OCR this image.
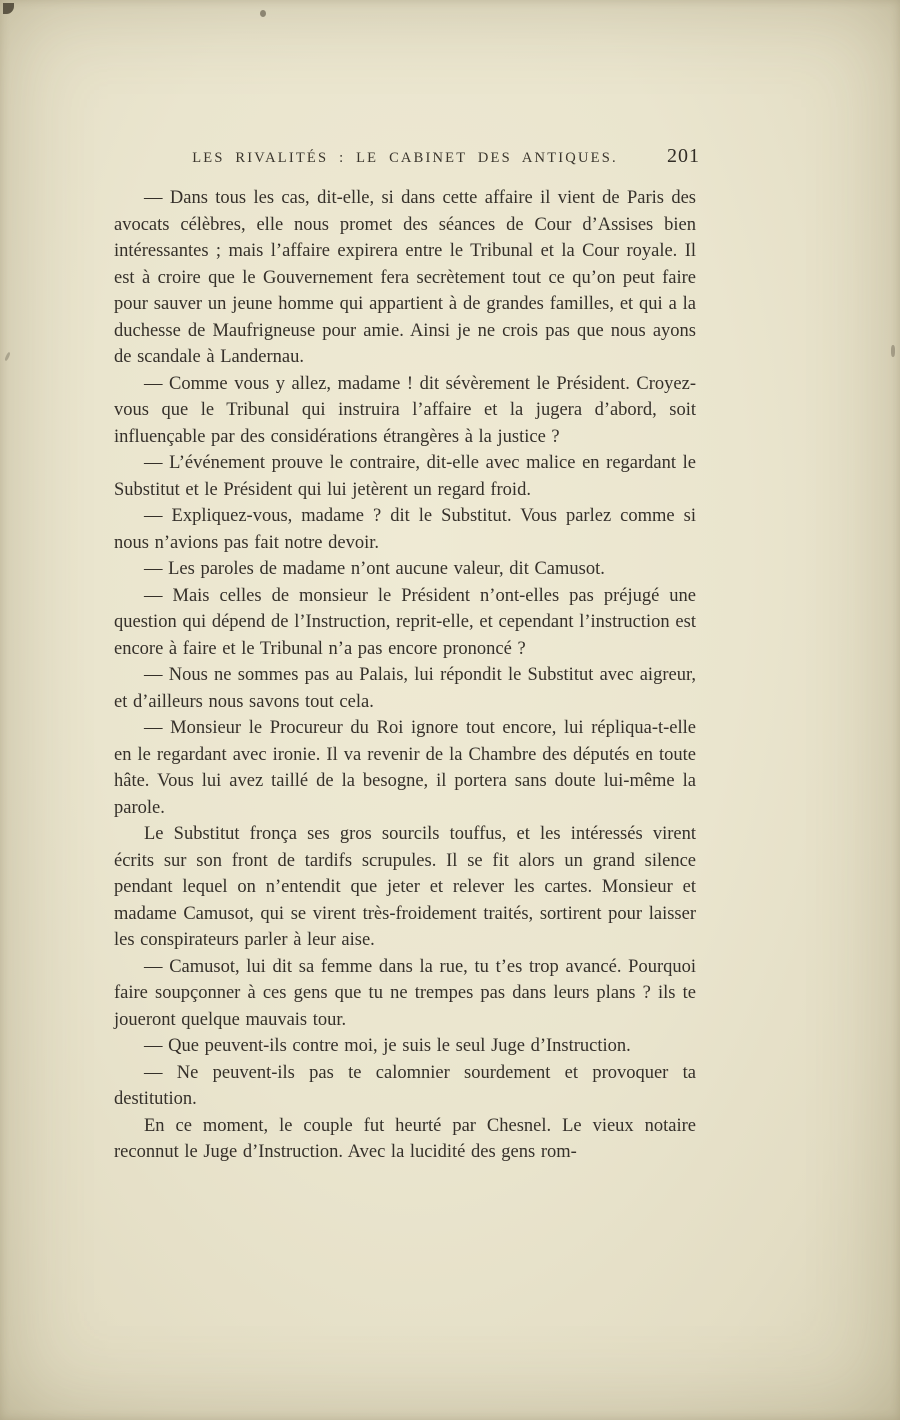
LES RIVALITÉS : LE CABINET DES ANTIQUES.	201

— Dans tous les cas, dit-elle, si dans cette affaire il vient de Paris des avocats célèbres, elle nous promet des séances de Cour d’Assises bien intéressantes ; mais l’affaire expirera entre le Tribunal et la Cour royale. Il est à croire que le Gouvernement fera secrètement tout ce qu’on peut faire pour sauver un jeune homme qui appartient à de grandes familles, et qui a la duchesse de Maufrigneuse pour amie. Ainsi je ne crois pas que nous ayons de scandale à Landernau.

— Comme vous y allez, madame ! dit sévèrement le Président. Croyez-vous que le Tribunal qui instruira l’affaire et la jugera d’abord, soit influençable par des considérations étrangères à la justice ?

— L’événement prouve le contraire, dit-elle avec malice en regardant le Substitut et le Président qui lui jetèrent un regard froid.

— Expliquez-vous, madame ? dit le Substitut. Vous parlez comme si nous n’avions pas fait notre devoir.

— Les paroles de madame n’ont aucune valeur, dit Camusot.

— Mais celles de monsieur le Président n’ont-elles pas préjugé une question qui dépend de l’Instruction, reprit-elle, et cependant l’instruction est encore à faire et le Tribunal n’a pas encore prononcé ?

— Nous ne sommes pas au Palais, lui répondit le Substitut avec aigreur, et d’ailleurs nous savons tout cela.

— Monsieur le Procureur du Roi ignore tout encore, lui répliqua-t-elle en le regardant avec ironie. Il va revenir de la Chambre des députés en toute hâte. Vous lui avez taillé de la besogne, il portera sans doute lui-même la parole.

Le Substitut fronça ses gros sourcils touffus, et les intéressés virent écrits sur son front de tardifs scrupules. Il se fit alors un grand silence pendant lequel on n’entendit que jeter et relever les cartes. Monsieur et madame Camusot, qui se virent très-froidement traités, sortirent pour laisser les conspirateurs parler à leur aise.

— Camusot, lui dit sa femme dans la rue, tu t’es trop avancé. Pourquoi faire soupçonner à ces gens que tu ne trempes pas dans leurs plans ? ils te joueront quelque mauvais tour.

— Que peuvent-ils contre moi, je suis le seul Juge d’Instruction.

— Ne peuvent-ils pas te calomnier sourdement et provoquer ta destitution.

En ce moment, le couple fut heurté par Chesnel. Le vieux notaire reconnut le Juge d’Instruction. Avec la lucidité des gens rom-
